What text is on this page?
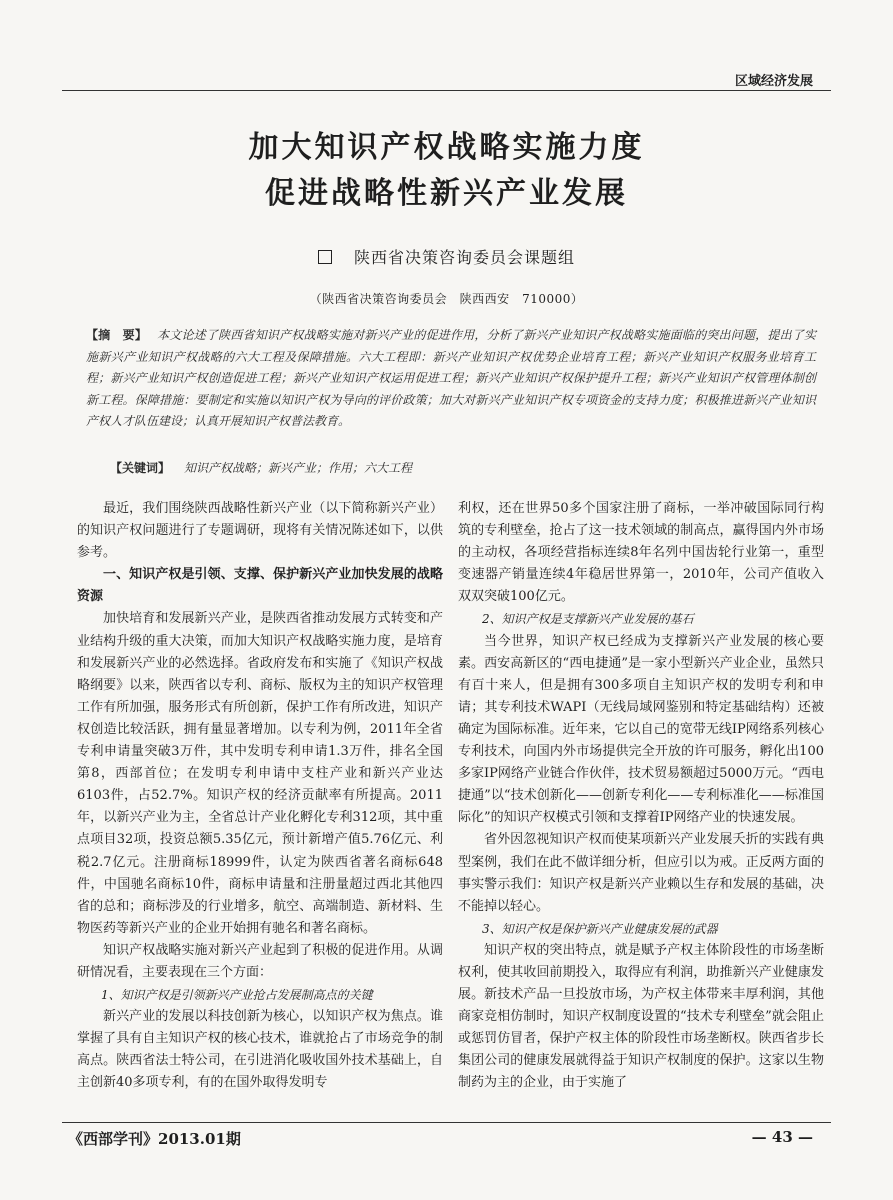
区域经济发展
加大知识产权战略实施力度
促进战略性新兴产业发展
陕西省决策咨询委员会课题组
（陕西省决策咨询委员会　陕西西安　710000）
【摘　要】 本文论述了陕西省知识产权战略实施对新兴产业的促进作用，分析了新兴产业知识产权战略实施面临的突出问题，提出了实施新兴产业知识产权战略的六大工程及保障措施。六大工程即：新兴产业知识产权优势企业培育工程；新兴产业知识产权服务业培育工程；新兴产业知识产权创造促进工程；新兴产业知识产权运用促进工程；新兴产业知识产权保护提升工程；新兴产业知识产权管理体制创新工程。保障措施：要制定和实施以知识产权为导向的评价政策；加大对新兴产业知识产权专项资金的支持力度；积极推进新兴产业知识产权人才队伍建设；认真开展知识产权普法教育。
【关键词】 知识产权战略；新兴产业；作用；六大工程

最近，我们围绕陕西战略性新兴产业（以下简称新兴产业）的知识产权问题进行了专题调研，现将有关情况陈述如下，以供参考。

一、知识产权是引领、支撑、保护新兴产业加快发展的战略资源

加快培育和发展新兴产业，是陕西省推动发展方式转变和产业结构升级的重大决策，而加大知识产权战略实施力度，是培育和发展新兴产业的必然选择。省政府发布和实施了《知识产权战略纲要》以来，陕西省以专利、商标、版权为主的知识产权管理工作有所加强，服务形式有所创新，保护工作有所改进，知识产权创造比较活跃，拥有量显著增加。以专利为例，2011年全省专利申请量突破3万件，其中发明专利申请1.3万件，排名全国第8，西部首位；在发明专利申请中支柱产业和新兴产业达6103件，占52.7%。知识产权的经济贡献率有所提高。2011年，以新兴产业为主，全省总计产业化孵化专利312项，其中重点项目32项，投资总额5.35亿元，预计新增产值5.76亿元、利税2.7亿元。注册商标18999件，认定为陕西省著名商标648件，中国驰名商标10件，商标申请量和注册量超过西北其他四省的总和；商标涉及的行业增多，航空、高端制造、新材料、生物医药等新兴产业的企业开始拥有驰名和著名商标。

知识产权战略实施对新兴产业起到了积极的促进作用。从调研情况看，主要表现在三个方面：

1、知识产权是引领新兴产业抢占发展制高点的关键

新兴产业的发展以科技创新为核心，以知识产权为焦点。谁掌握了具有自主知识产权的核心技术，谁就抢占了市场竞争的制高点。陕西省法士特公司，在引进消化吸收国外技术基础上，自主创新40多项专利，有的在国外取得发明专

利权，还在世界50多个国家注册了商标，一举冲破国际同行构筑的专利壁垒，抢占了这一技术领域的制高点，赢得国内外市场的主动权，各项经营指标连续8年名列中国齿轮行业第一，重型变速器产销量连续4年稳居世界第一，2010年，公司产值收入双双突破100亿元。

2、知识产权是支撑新兴产业发展的基石

当今世界，知识产权已经成为支撑新兴产业发展的核心要素。西安高新区的“西电捷通”是一家小型新兴产业企业，虽然只有百十来人，但是拥有300多项自主知识产权的发明专利和申请；其专利技术WAPI（无线局域网鉴别和特定基础结构）还被确定为国际标准。近年来，它以自己的宽带无线IP网络系列核心专利技术，向国内外市场提供完全开放的许可服务，孵化出100多家IP网络产业链合作伙伴，技术贸易额超过5000万元。“西电捷通”以“技术创新化——创新专利化——专利标准化——标准国际化”的知识产权模式引领和支撑着IP网络产业的快速发展。

省外因忽视知识产权而使某项新兴产业发展夭折的实践有典型案例，我们在此不做详细分析，但应引以为戒。正反两方面的事实警示我们：知识产权是新兴产业赖以生存和发展的基础，决不能掉以轻心。

3、知识产权是保护新兴产业健康发展的武器

知识产权的突出特点，就是赋予产权主体阶段性的市场垄断权利，使其收回前期投入，取得应有利润，助推新兴产业健康发展。新技术产品一旦投放市场，为产权主体带来丰厚利润，其他商家竞相仿制时，知识产权制度设置的“技术专利壁垒”就会阻止或惩罚仿冒者，保护产权主体的阶段性市场垄断权。陕西省步长集团公司的健康发展就得益于知识产权制度的保护。这家以生物制药为主的企业，由于实施了

《西部学刊》2013.01期	— 43 —
